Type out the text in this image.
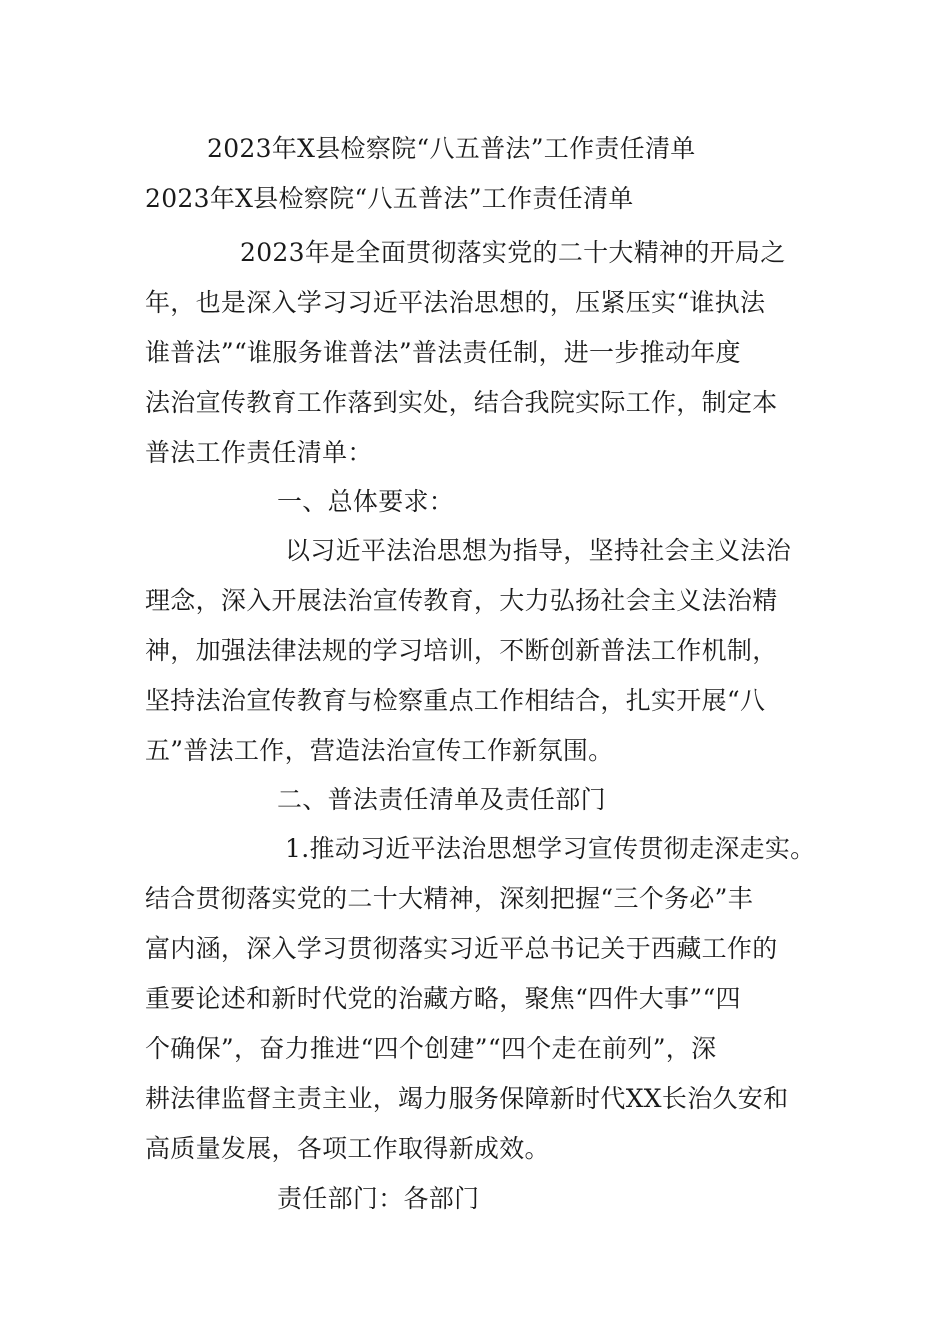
2023年X县检察院“八五普法”工作责任清单
2023年X县检察院“八五普法”工作责任清单
2023年是全面贯彻落实党的二十大精神的开局之
年，也是深入学习习近平法治思想的，压紧压实“谁执法
谁普法”“谁服务谁普法”普法责任制，进一步推动年度
法治宣传教育工作落到实处，结合我院实际工作，制定本
普法工作责任清单：
一、总体要求：
以习近平法治思想为指导，坚持社会主义法治
理念，深入开展法治宣传教育，大力弘扬社会主义法治精
神，加强法律法规的学习培训，不断创新普法工作机制，
坚持法治宣传教育与检察重点工作相结合，扎实开展“八
五”普法工作，营造法治宣传工作新氛围。
二、普法责任清单及责任部门
1.推动习近平法治思想学习宣传贯彻走深走实。
结合贯彻落实党的二十大精神，深刻把握“三个务必”丰
富内涵，深入学习贯彻落实习近平总书记关于西藏工作的
重要论述和新时代党的治藏方略，聚焦“四件大事”“四
个确保”，奋力推进“四个创建”“四个走在前列”，深
耕法律监督主责主业，竭力服务保障新时代XX长治久安和
高质量发展，各项工作取得新成效。
责任部门：各部门
